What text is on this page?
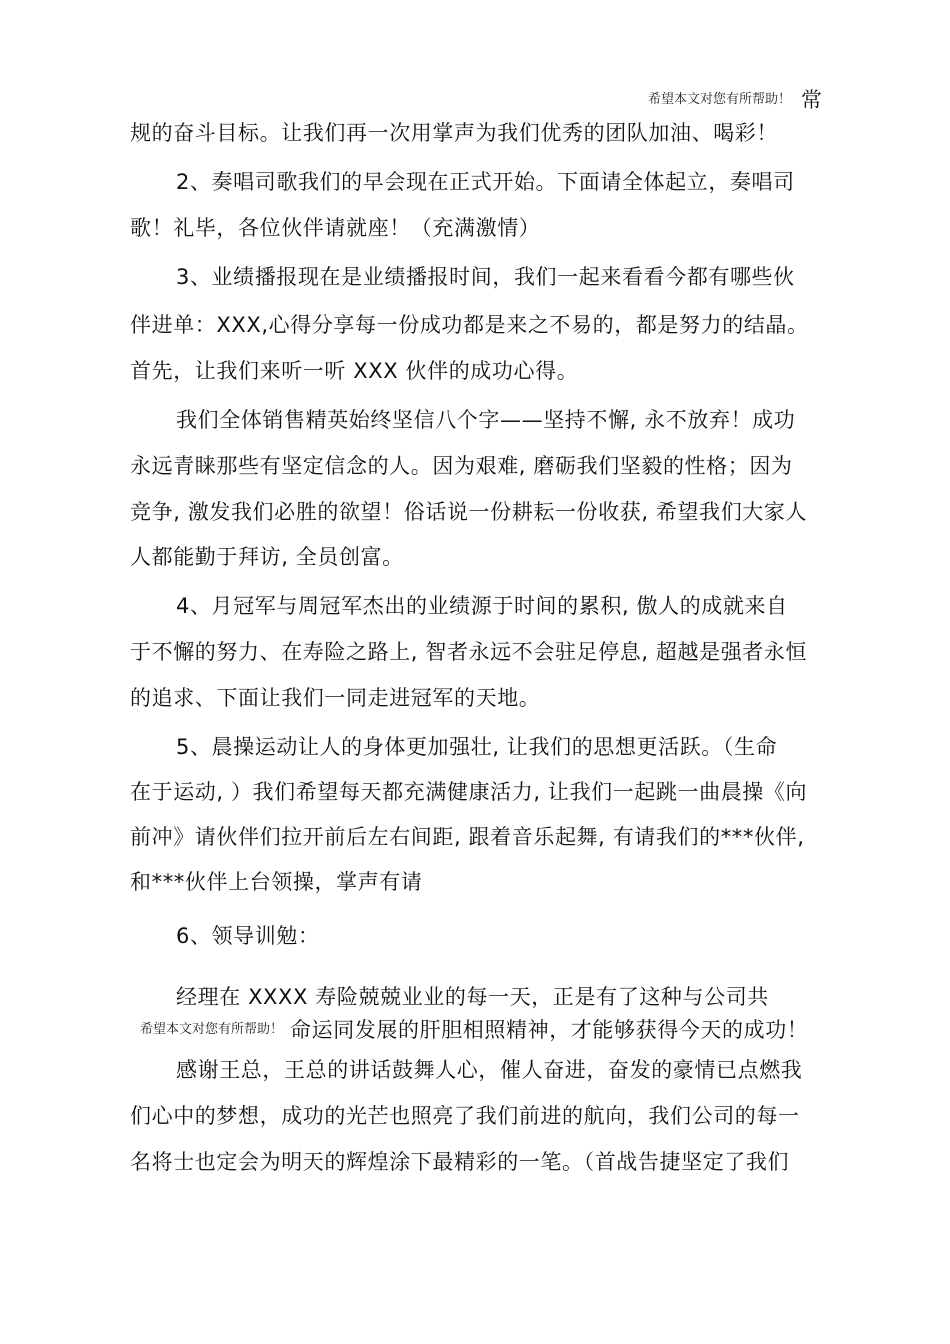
希望本文对您有所帮助！ 常
规的奋斗目标。让我们再一次用掌声为我们优秀的团队加油、喝彩！
2、奏唱司歌我们的早会现在正式开始。下面请全体起立，奏唱司
歌！礼毕，各位伙伴请就座！（充满激情）
3、业绩播报现在是业绩播报时间，我们一起来看看今都有哪些伙
伴进单：XXX,心得分享每一份成功都是来之不易的，都是努力的结晶。
首先，让我们来听一听 XXX 伙伴的成功心得。
我们全体销售精英始终坚信八个字——坚持不懈, 永不放弃！成功
永远青睐那些有坚定信念的人。因为艰难, 磨砺我们坚毅的性格；因为
竞争, 激发我们必胜的欲望！俗话说一份耕耘一份收获, 希望我们大家人
人都能勤于拜访, 全员创富。
4、月冠军与周冠军杰出的业绩源于时间的累积, 傲人的成就来自
于不懈的努力、在寿险之路上, 智者永远不会驻足停息, 超越是强者永恒
的追求、下面让我们一同走进冠军的天地。
5、晨操运动让人的身体更加强壮, 让我们的思想更活跃。（生命
在于运动, ）我们希望每天都充满健康活力, 让我们一起跳一曲晨操《向
前冲》请伙伴们拉开前后左右间距, 跟着音乐起舞, 有请我们的***伙伴,
和***伙伴上台领操，掌声有请
6、领导训勉：
经理在 XXXX 寿险兢兢业业的每一天，正是有了这种与公司共
希望本文对您有所帮助！ 命运同发展的肝胆相照精神，才能够获得今天的成功！
感谢王总，王总的讲话鼓舞人心，催人奋进，奋发的豪情已点燃我
们心中的梦想，成功的光芒也照亮了我们前进的航向，我们公司的每一
名将士也定会为明天的辉煌涂下最精彩的一笔。（首战告捷坚定了我们
